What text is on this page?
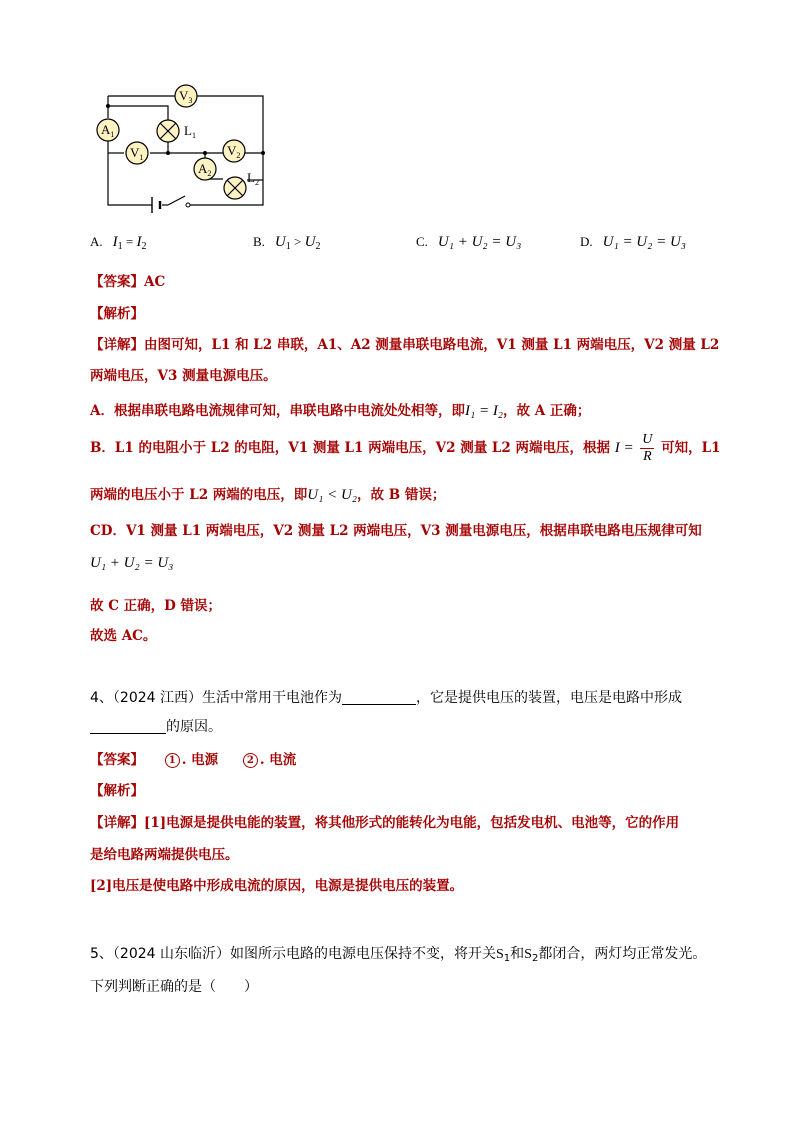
$V_3$
$A_1$
$V_1$	$V_2$
$A_2$
$L_1$
$L_2$
A. $I_1 = I_2$	B. $U_1 > U_2$	C. U₁ + U₂ = U₃	D. U₁ = U₂ = U₃
【答案】AC
【解析】
【详解】由图可知，L1 和 L2 串联，A1、A2 测量串联电路电流，V1 测量 L1 两端电压，V2 测量 L2
两端电压，V3 测量电源电压。
A．根据串联电路电流规律可知，串联电路中电流处处相等，即I₁ = I₂，故 A 正确；
B．L1 的电阻小于 L2 的电阻，V1 测量 L1 两端电压，V2 测量 L2 两端电压，根据 $I = \frac{U}{R}$ 可知，L1
两端的电压小于 L2 两端的电压，即U₁ < U₂，故 B 错误；
CD．V1 测量 L1 两端电压，V2 测量 L2 两端电压，V3 测量电源电压，根据串联电路电压规律可知
U₁ + U₂ = U₃
故 C 正确，D 错误；
故选 AC。
4、（2024 江西）生活中常用干电池作为	，它是提供电压的装置，电压是电路中形成
的原因。
【答案】 1 . 电源	2 . 电流
【解析】
【详解】[1]电源是提供电能的装置，将其他形式的能转化为电能，包括发电机、电池等，它的作用
是给电路两端提供电压。
[2]电压是使电路中形成电流的原因，电源是提供电压的装置。
5、（2024 山东临沂）如图所示电路的电源电压保持不变，将开关$S_1$和$S_2$都闭合，两灯均正常发光。
下列判断正确的是（　　）
